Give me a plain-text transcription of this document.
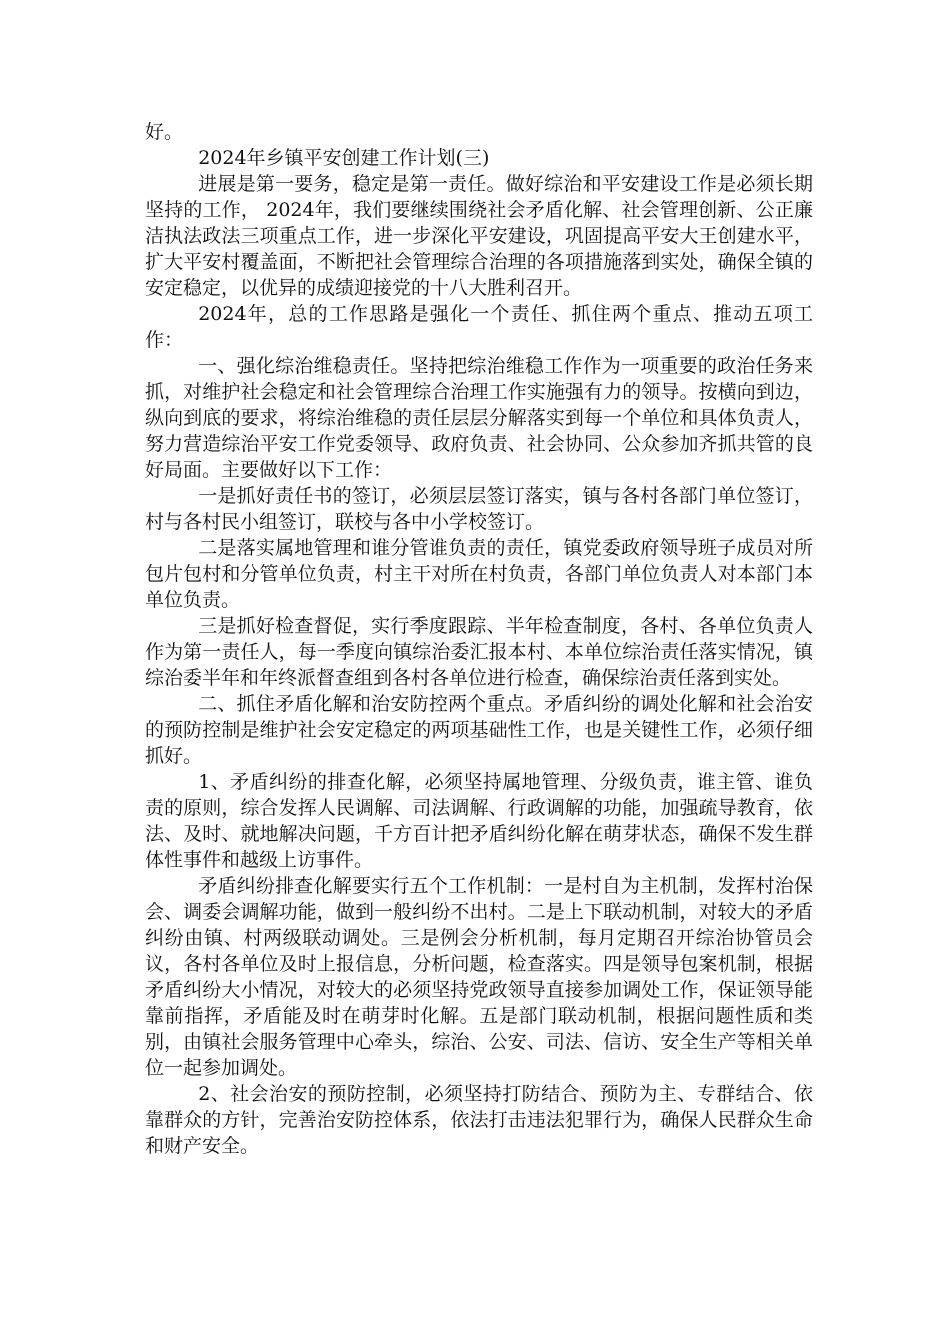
好。

2024年乡镇平安创建工作计划(三)

进展是第一要务，稳定是第一责任。做好综治和平安建设工作是必须长期坚持的工作， 2024年，我们要继续围绕社会矛盾化解、社会管理创新、公正廉洁执法政法三项重点工作，进一步深化平安建设，巩固提高平安大王创建水平，扩大平安村覆盖面，不断把社会管理综合治理的各项措施落到实处，确保全镇的安定稳定，以优异的成绩迎接党的十八大胜利召开。

2024年，总的工作思路是强化一个责任、抓住两个重点、推动五项工作：

一、强化综治维稳责任。坚持把综治维稳工作作为一项重要的政治任务来抓，对维护社会稳定和社会管理综合治理工作实施强有力的领导。按横向到边，纵向到底的要求，将综治维稳的责任层层分解落实到每一个单位和具体负责人，努力营造综治平安工作党委领导、政府负责、社会协同、公众参加齐抓共管的良好局面。主要做好以下工作：

一是抓好责任书的签订，必须层层签订落实，镇与各村各部门单位签订，村与各村民小组签订，联校与各中小学校签订。

二是落实属地管理和谁分管谁负责的责任，镇党委政府领导班子成员对所包片包村和分管单位负责，村主干对所在村负责，各部门单位负责人对本部门本单位负责。

三是抓好检查督促，实行季度跟踪、半年检查制度，各村、各单位负责人作为第一责任人，每一季度向镇综治委汇报本村、本单位综治责任落实情况，镇综治委半年和年终派督查组到各村各单位进行检查，确保综治责任落到实处。

二、抓住矛盾化解和治安防控两个重点。矛盾纠纷的调处化解和社会治安的预防控制是维护社会安定稳定的两项基础性工作，也是关键性工作，必须仔细抓好。

1、矛盾纠纷的排查化解，必须坚持属地管理、分级负责，谁主管、谁负责的原则，综合发挥人民调解、司法调解、行政调解的功能，加强疏导教育，依法、及时、就地解决问题，千方百计把矛盾纠纷化解在萌芽状态，确保不发生群体性事件和越级上访事件。

矛盾纠纷排查化解要实行五个工作机制：一是村自为主机制，发挥村治保会、调委会调解功能，做到一般纠纷不出村。二是上下联动机制，对较大的矛盾纠纷由镇、村两级联动调处。三是例会分析机制，每月定期召开综治协管员会议，各村各单位及时上报信息，分析问题，检查落实。四是领导包案机制，根据矛盾纠纷大小情况，对较大的必须坚持党政领导直接参加调处工作，保证领导能靠前指挥，矛盾能及时在萌芽时化解。五是部门联动机制，根据问题性质和类别，由镇社会服务管理中心牵头，综治、公安、司法、信访、安全生产等相关单位一起参加调处。

2、社会治安的预防控制，必须坚持打防结合、预防为主、专群结合、依靠群众的方针，完善治安防控体系，依法打击违法犯罪行为，确保人民群众生命和财产安全。
